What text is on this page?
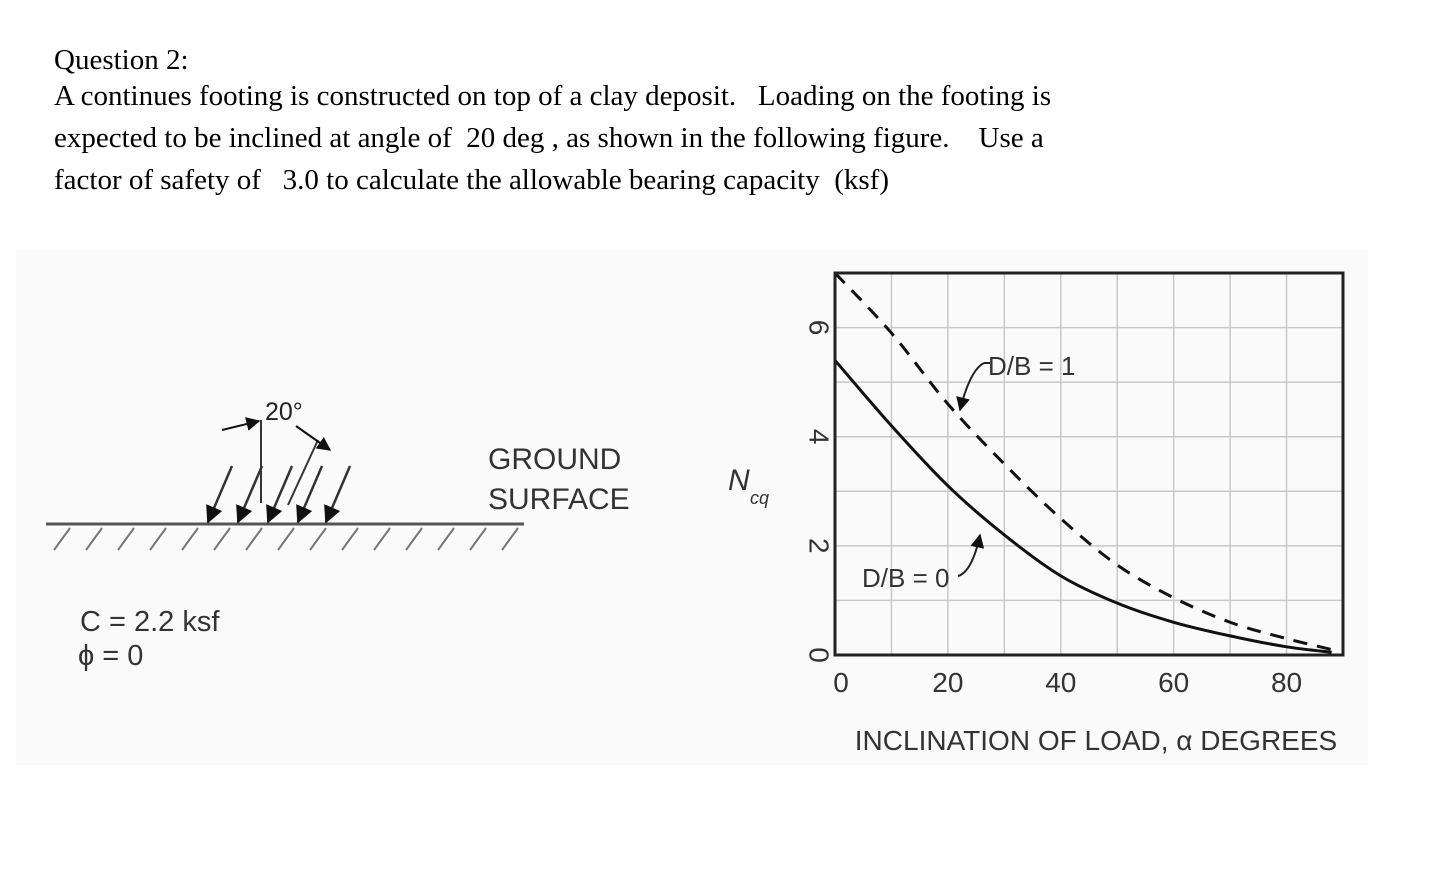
Question 2:
A continues footing is constructed on top of a clay deposit.   Loading on the footing is
expected to be inclined at angle of  20 deg , as shown in the following figure.    Use a
factor of safety of   3.0 to calculate the allowable bearing capacity  (ksf)
20°
GROUND
SURFACE
C = 2.2 ksf
ϕ = 0
0	20	40	60	80
0
2
4
6
N
cq
INCLINATION OF LOAD, α DEGREES
D/B = 1
D/B = 0
